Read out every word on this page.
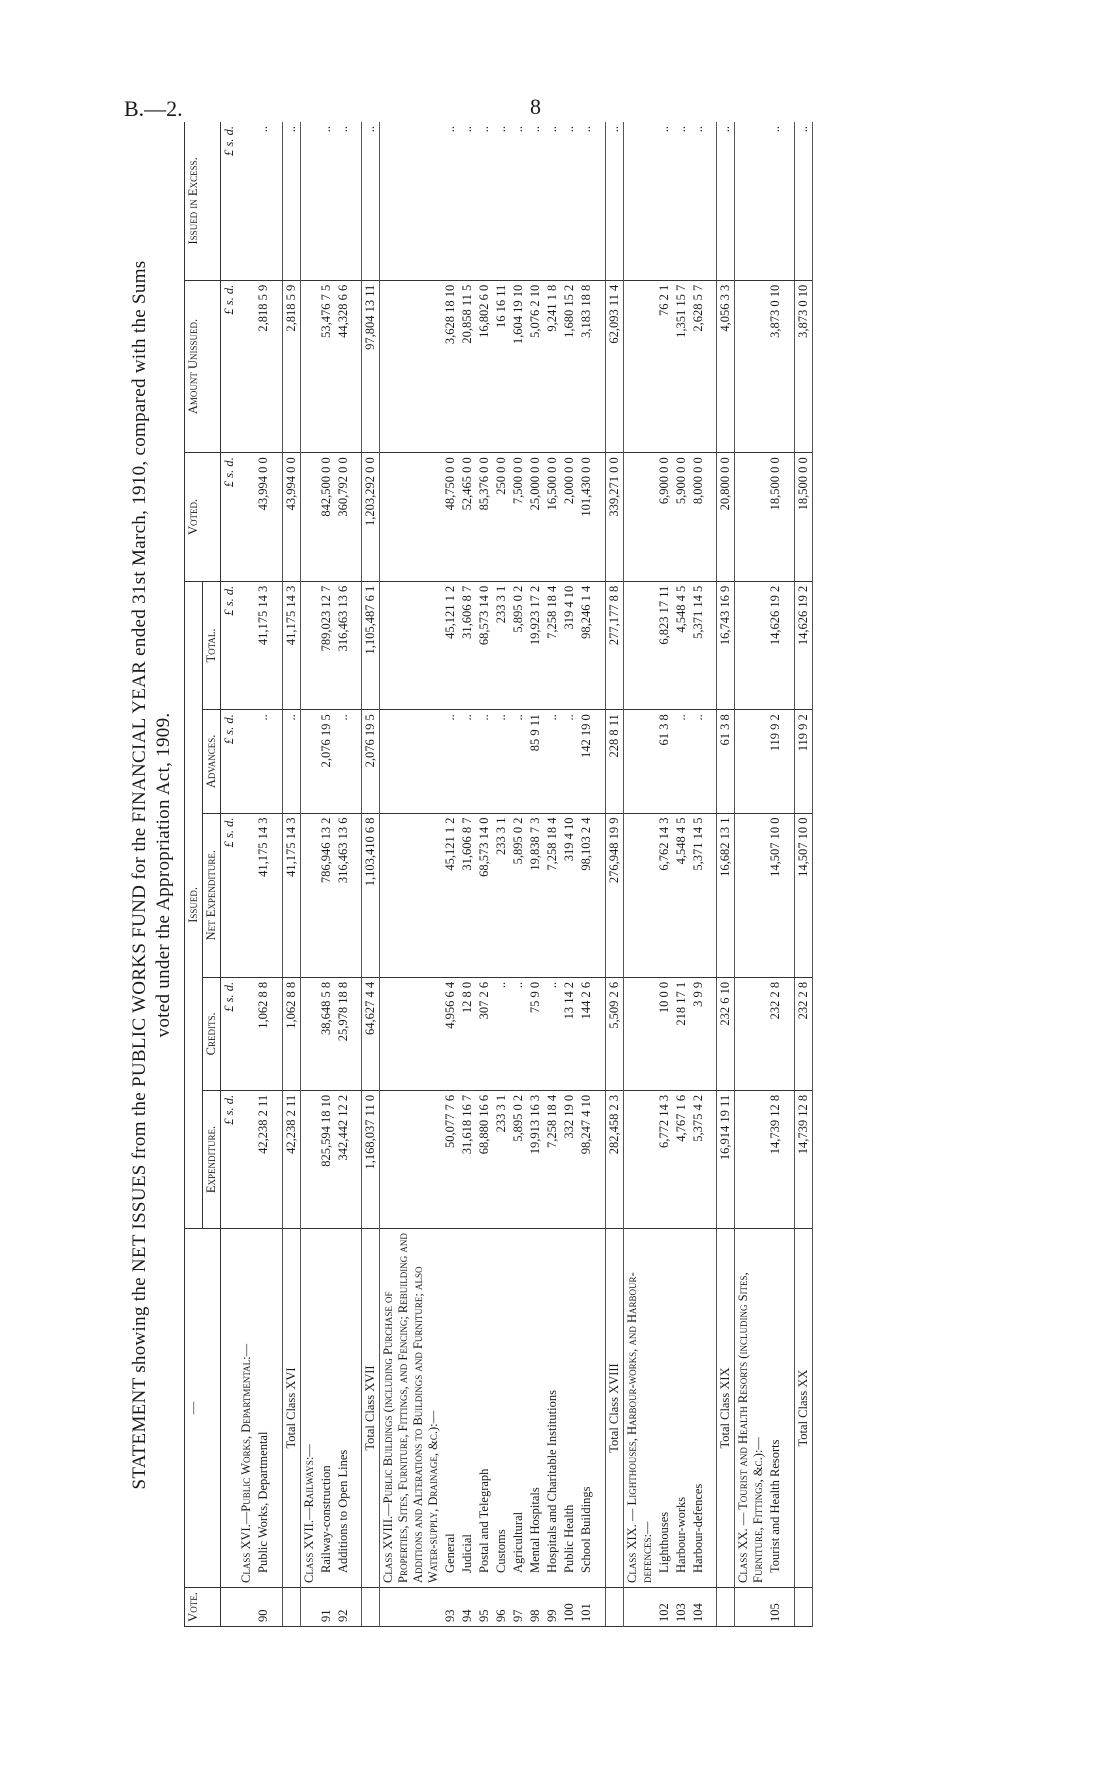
B.—2.	8
STATEMENT showing the NET ISSUES from the PUBLIC WORKS FUND for the FINANCIAL YEAR ended 31st March, 1910, compared with the Sums voted under the Appropriation Act, 1909.
Vote.	—	Issued.					Voted.	Amount Unissued.	Issued in Excess.
		Expenditure.	Credits.	Net Expenditure.	Advances.	Total.			
		£ s. d.	£ s. d.	£ s. d.	£ s. d.	£ s. d.	£ s. d.	£ s. d.	£ s. d.
	Class XVI.—Public Works, Departmental:—								
90	Public Works, Departmental	42,238 2 11	1,062 8 8	41,175 14 3	..	41,175 14 3	43,994 0 0	2,818 5 9	..

	Total Class XVI	42,238 2 11	1,062 8 8	41,175 14 3	..	41,175 14 3	43,994 0 0	2,818 5 9	..
	Class XVII.—Railways:—								
91	Railway-construction	825,594 18 10	38,648 5 8	786,946 13 2	2,076 19 5	789,023 12 7	842,500 0 0	53,476 7 5	..
92	Additions to Open Lines	342,442 12 2	25,978 18 8	316,463 13 6	..	316,463 13 6	360,792 0 0	44,328 6 6	..

	Total Class XVII	1,168,037 11 0	64,627 4 4	1,103,410 6 8	2,076 19 5	1,105,487 6 1	1,203,292 0 0	97,804 13 11	..
	Class XVIII.—Public Buildings (including Purchase of Properties, Sites, Furniture, Fittings, and Fencing; Rebuilding and Additions and Alterations to Buildings and Furniture; also Water-supply, Drainage, &c.):—								
93	General	50,077 7 6	4,956 6 4	45,121 1 2	..	45,121 1 2	48,750 0 0	3,628 18 10	..
94	Judicial	31,618 16 7	12 8 0	31,606 8 7	..	31,606 8 7	52,465 0 0	20,858 11 5	..
95	Postal and Telegraph	68,880 16 6	307 2 6	68,573 14 0	..	68,573 14 0	85,376 0 0	16,802 6 0	..
96	Customs	233 3 1	..	233 3 1	..	233 3 1	250 0 0	16 16 11	..
97	Agricultural	5,895 0 2	..	5,895 0 2	..	5,895 0 2	7,500 0 0	1,604 19 10	..
98	Mental Hospitals	19,913 16 3	75 9 0	19,838 7 3	85 9 11	19,923 17 2	25,000 0 0	5,076 2 10	..
99	Hospitals and Charitable Institutions	7,258 18 4	..	7,258 18 4	..	7,258 18 4	16,500 0 0	9,241 1 8	..
100	Public Health	332 19 0	13 14 2	319 4 10	..	319 4 10	2,000 0 0	1,680 15 2	..
101	School Buildings	98,247 4 10	144 2 6	98,103 2 4	142 19 0	98,246 1 4	101,430 0 0	3,183 18 8	..

	Total Class XVIII	282,458 2 3	5,509 2 6	276,948 19 9	228 8 11	277,177 8 8	339,271 0 0	62,093 11 4	..
	Class XIX. — Lighthouses, Harbour-works, and Harbour-defences:—								
102	Lighthouses	6,772 14 3	10 0 0	6,762 14 3	61 3 8	6,823 17 11	6,900 0 0	76 2 1	..
103	Harbour-works	4,767 1 6	218 17 1	4,548 4 5	..	4,548 4 5	5,900 0 0	1,351 15 7	..
104	Harbour-defences	5,375 4 2	3 9 9	5,371 14 5	..	5,371 14 5	8,000 0 0	2,628 5 7	..

	Total Class XIX	16,914 19 11	232 6 10	16,682 13 1	61 3 8	16,743 16 9	20,800 0 0	4,056 3 3	..
	Class XX. — Tourist and Health Resorts (including Sites, Furniture, Fittings, &c.):—								
105	Tourist and Health Resorts	14,739 12 8	232 2 8	14,507 10 0	119 9 2	14,626 19 2	18,500 0 0	3,873 0 10	..

	Total Class XX	14,739 12 8	232 2 8	14,507 10 0	119 9 2	14,626 19 2	18,500 0 0	3,873 0 10	..
